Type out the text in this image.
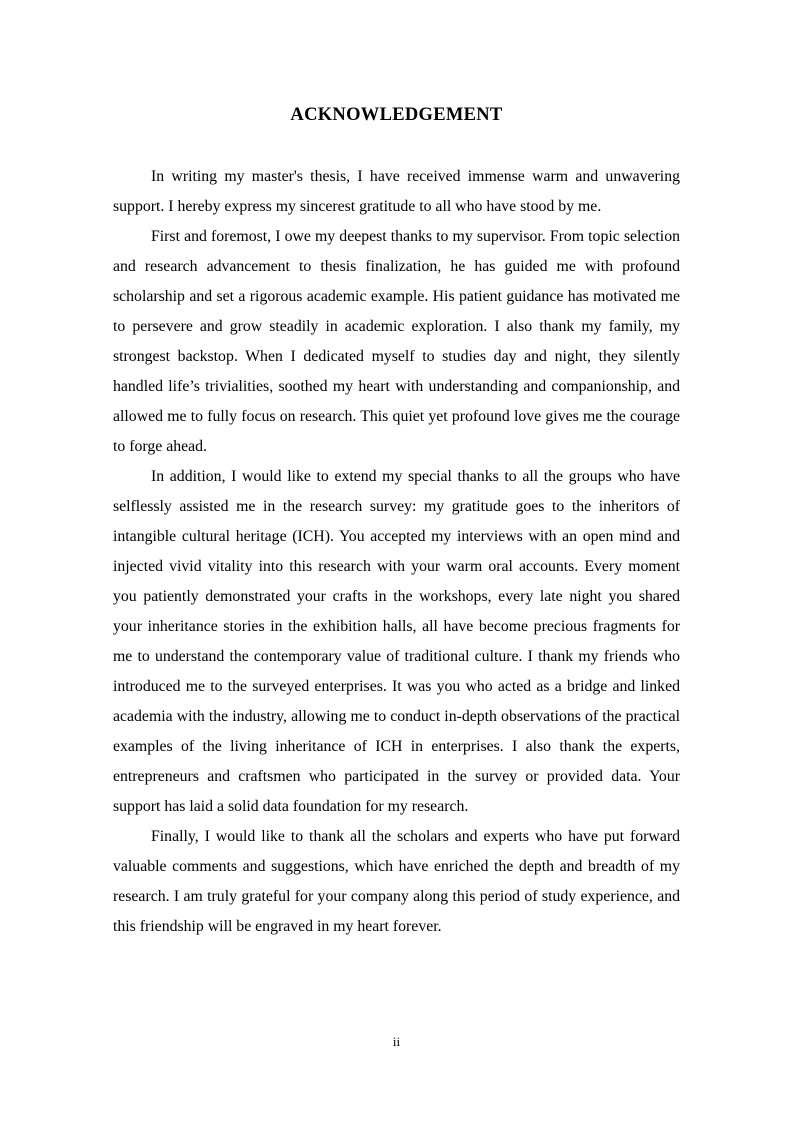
ACKNOWLEDGEMENT

In writing my master's thesis, I have received immense warm and unwavering support. I hereby express my sincerest gratitude to all who have stood by me.

First and foremost, I owe my deepest thanks to my supervisor. From topic selection and research advancement to thesis finalization, he has guided me with profound scholarship and set a rigorous academic example. His patient guidance has motivated me to persevere and grow steadily in academic exploration. I also thank my family, my strongest backstop. When I dedicated myself to studies day and night, they silently handled life’s trivialities, soothed my heart with understanding and companionship, and allowed me to fully focus on research. This quiet yet profound love gives me the courage to forge ahead.

In addition, I would like to extend my special thanks to all the groups who have selflessly assisted me in the research survey: my gratitude goes to the inheritors of intangible cultural heritage (ICH). You accepted my interviews with an open mind and injected vivid vitality into this research with your warm oral accounts. Every moment you patiently demonstrated your crafts in the workshops, every late night you shared your inheritance stories in the exhibition halls, all have become precious fragments for me to understand the contemporary value of traditional culture. I thank my friends who introduced me to the surveyed enterprises. It was you who acted as a bridge and linked academia with the industry, allowing me to conduct in-depth observations of the practical examples of the living inheritance of ICH in enterprises. I also thank the experts, entrepreneurs and craftsmen who participated in the survey or provided data. Your support has laid a solid data foundation for my research.

Finally, I would like to thank all the scholars and experts who have put forward valuable comments and suggestions, which have enriched the depth and breadth of my research. I am truly grateful for your company along this period of study experience, and this friendship will be engraved in my heart forever.

ii
